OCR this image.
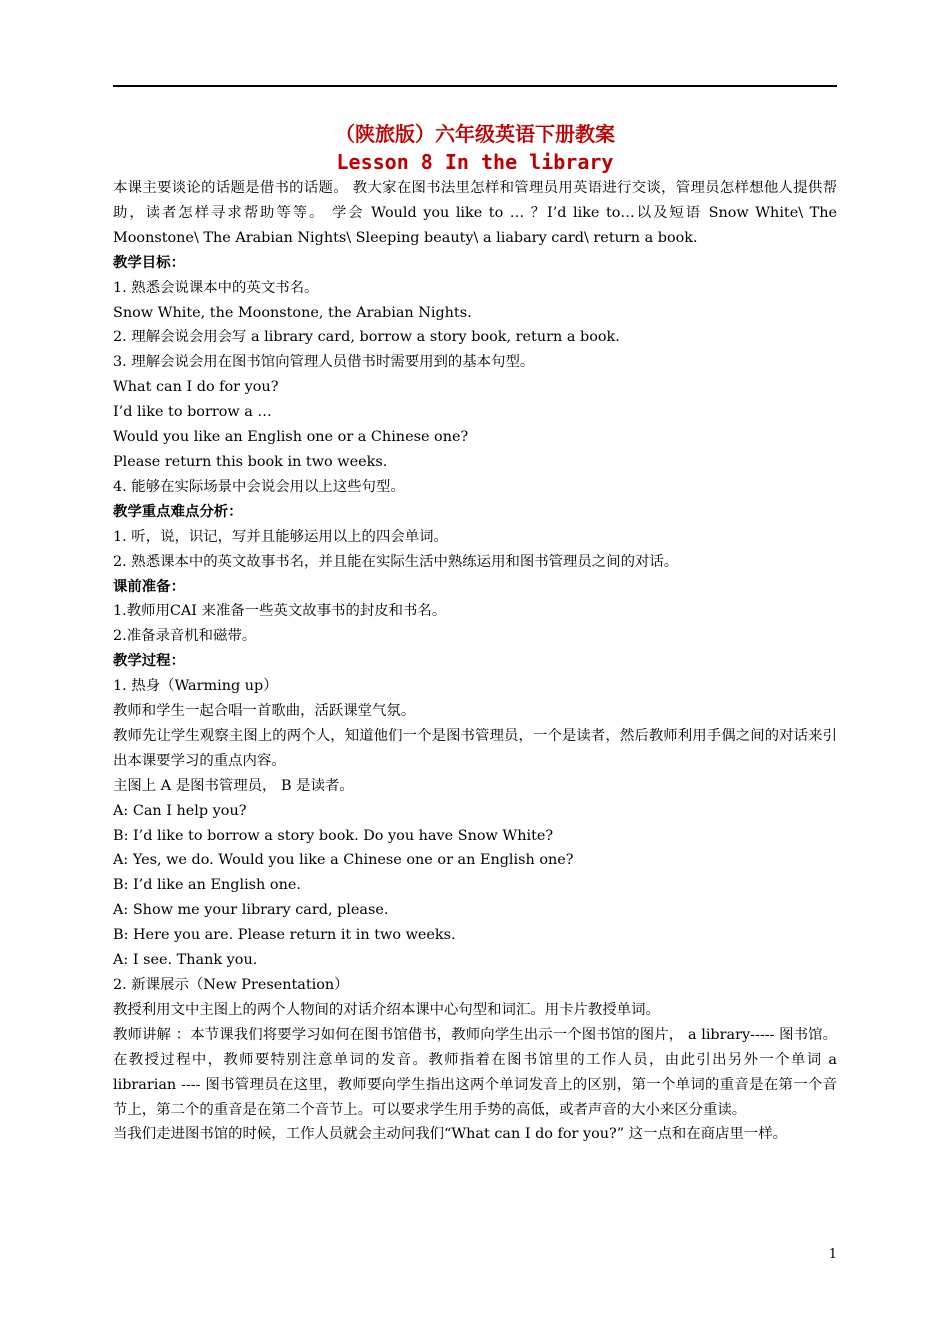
（陕旅版）六年级英语下册教案

Lesson 8 In the library

本课主要谈论的话题是借书的话题。 教大家在图书法里怎样和管理员用英语进行交谈，管理员怎样想他人提供帮助，读者怎样寻求帮助等等。 学会 Would you like to … ？I’d like to…以及短语 Snow White\ The Moonstone\ The Arabian Nights\ Sleeping beauty\ a liabary card\ return a book.

教学目标：

1. 熟悉会说课本中的英文书名。

Snow White, the Moonstone, the Arabian Nights.

2. 理解会说会用会写 a library card, borrow a story book, return a book.

3. 理解会说会用在图书馆向管理人员借书时需要用到的基本句型。

What can I do for you?

I’d like to borrow a …

Would you like an English one or a Chinese one?

Please return this book in two weeks.

4. 能够在实际场景中会说会用以上这些句型。

教学重点难点分析：

1. 听，说，识记，写并且能够运用以上的四会单词。

2. 熟悉课本中的英文故事书名，并且能在实际生活中熟练运用和图书管理员之间的对话。

课前准备：

1.教师用CAI 来准备一些英文故事书的封皮和书名。

2.准备录音机和磁带。

教学过程：

1. 热身（Warming up）

教师和学生一起合唱一首歌曲，活跃课堂气氛。

教师先让学生观察主图上的两个人，知道他们一个是图书管理员，一个是读者，然后教师利用手偶之间的对话来引出本课要学习的重点内容。

主图上 A 是图书管理员， B 是读者。

A: Can I help you?

B: I’d like to borrow a story book. Do you have Snow White?

A: Yes, we do. Would you like a Chinese one or an English one?

B: I’d like an English one.

A: Show me your library card, please.

B: Here you are. Please return it in two weeks.

A: I see. Thank you.

2. 新课展示（New Presentation）

教授利用文中主图上的两个人物间的对话介绍本课中心句型和词汇。用卡片教授单词。

教师讲解 ：本节课我们将要学习如何在图书馆借书，教师向学生出示一个图书馆的图片， a library----- 图书馆。在教授过程中，教师要特别注意单词的发音。教师指着在图书馆里的工作人员，由此引出另外一个单词 a librarian ---- 图书管理员在这里，教师要向学生指出这两个单词发音上的区别，第一个单词的重音是在第一个音节上，第二个的重音是在第二个音节上。可以要求学生用手势的高低，或者声音的大小来区分重读。

当我们走进图书馆的时候，工作人员就会主动问我们“What can I do for you?” 这一点和在商店里一样。

1
